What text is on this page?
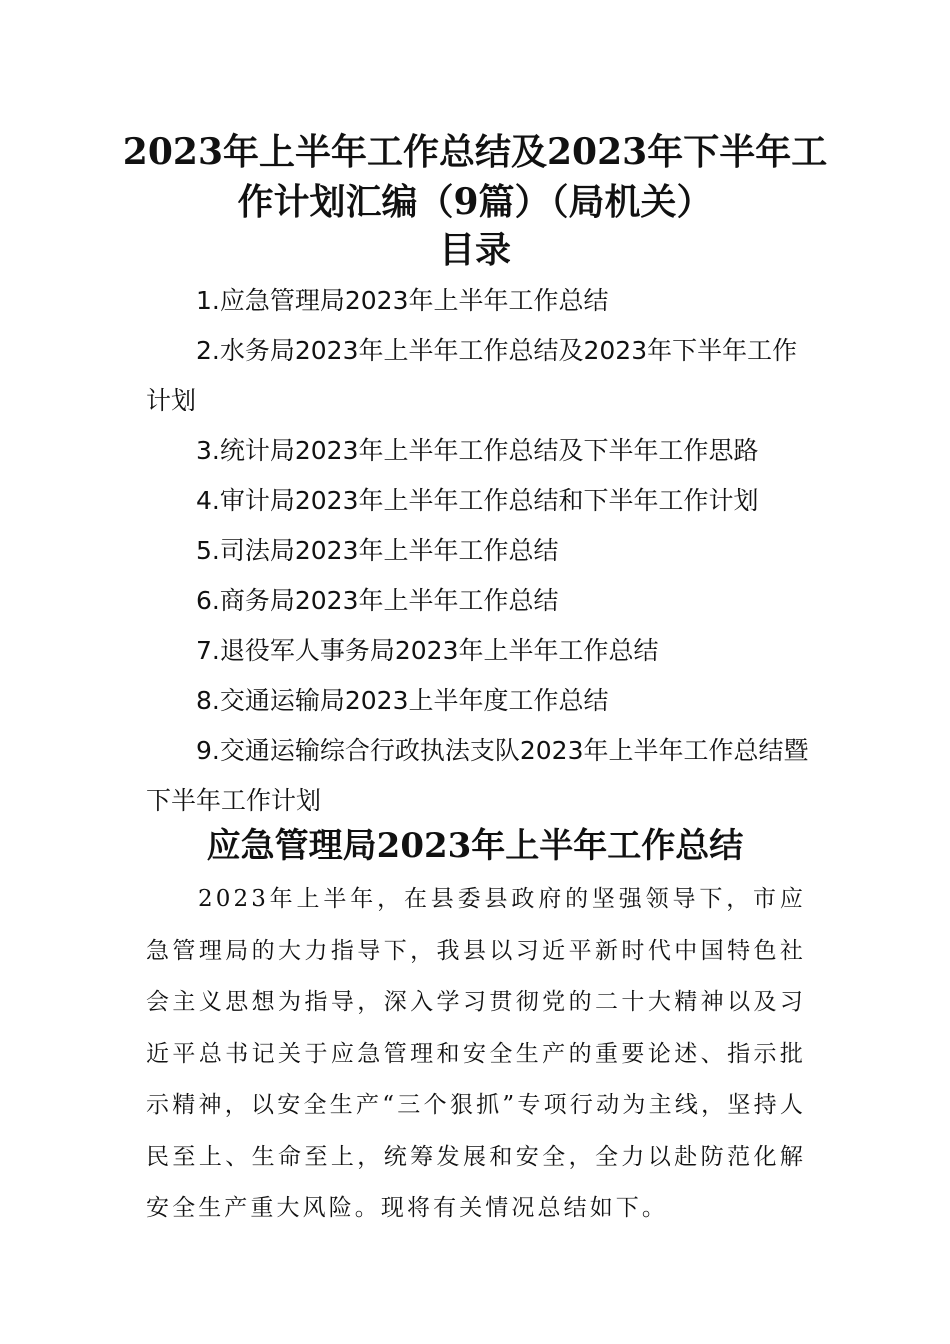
2023年上半年工作总结及2023年下半年工
作计划汇编（9篇）（局机关）
目录
1.应急管理局2023年上半年工作总结
2.水务局2023年上半年工作总结及2023年下半年工作计划
3.统计局2023年上半年工作总结及下半年工作思路
4.审计局2023年上半年工作总结和下半年工作计划
5.司法局2023年上半年工作总结
6.商务局2023年上半年工作总结
7.退役军人事务局2023年上半年工作总结
8.交通运输局2023上半年度工作总结
9.交通运输综合行政执法支队2023年上半年工作总结暨下半年工作计划
应急管理局2023年上半年工作总结

2023年上半年，在县委县政府的坚强领导下，市应急管理局的大力指导下，我县以习近平新时代中国特色社会主义思想为指导，深入学习贯彻党的二十大精神以及习近平总书记关于应急管理和安全生产的重要论述、指示批示精神，以安全生产“三个狠抓”专项行动为主线，坚持人民至上、生命至上，统筹发展和安全，全力以赴防范化解安全生产重大风险。现将有关情况总结如下。
